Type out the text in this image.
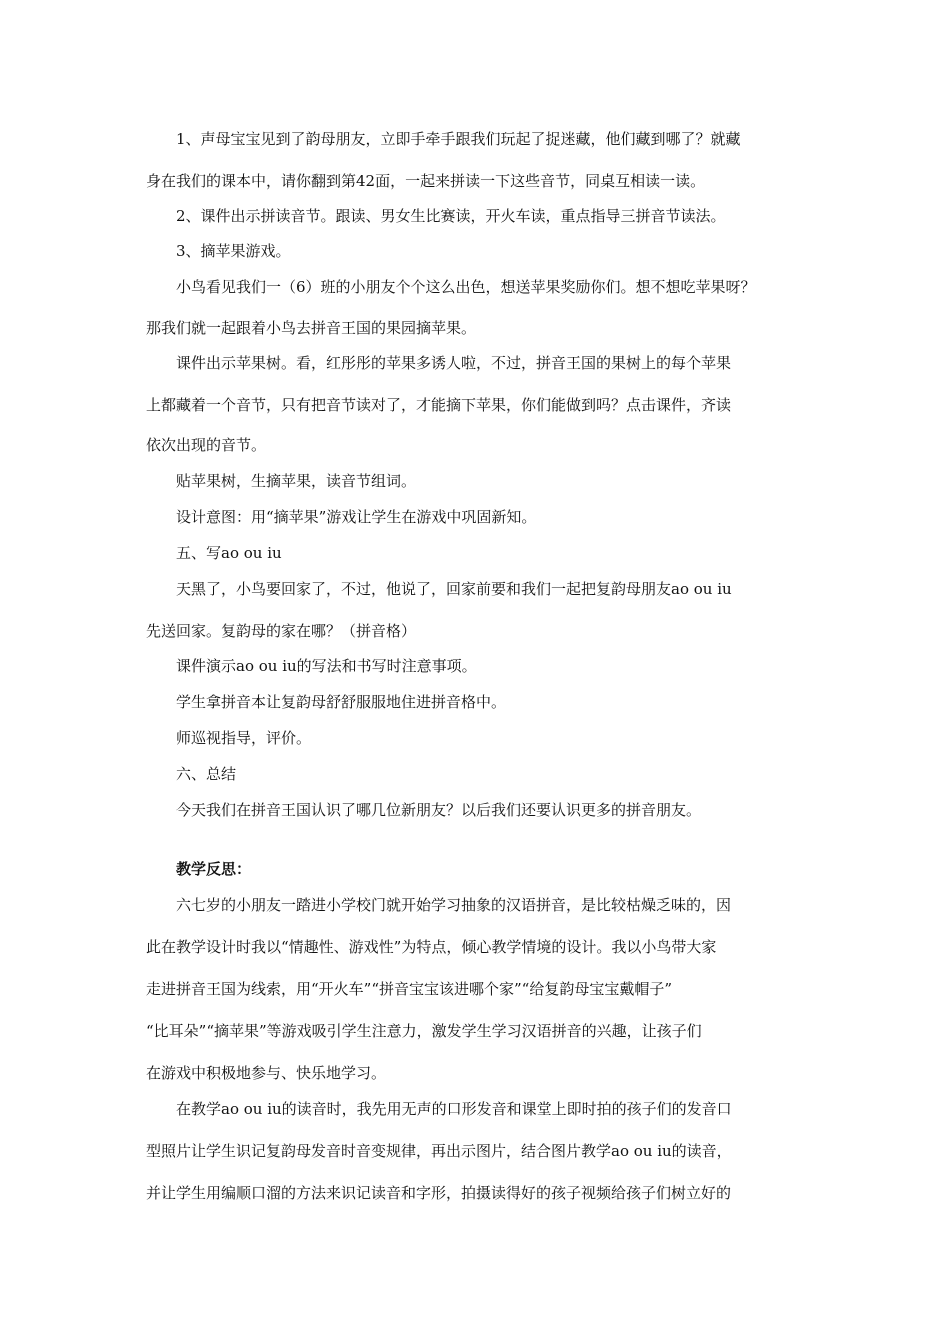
1、声母宝宝见到了韵母朋友，立即手牵手跟我们玩起了捉迷藏，他们藏到哪了？就藏

身在我们的课本中，请你翻到第42面，一起来拼读一下这些音节，同桌互相读一读。

2、课件出示拼读音节。跟读、男女生比赛读，开火车读，重点指导三拼音节读法。

3、摘苹果游戏。

小鸟看见我们一（6）班的小朋友个个这么出色，想送苹果奖励你们。想不想吃苹果呀？

那我们就一起跟着小鸟去拼音王国的果园摘苹果。

课件出示苹果树。看，红彤彤的苹果多诱人啦，不过，拼音王国的果树上的每个苹果

上都藏着一个音节，只有把音节读对了，才能摘下苹果，你们能做到吗？点击课件，齐读

依次出现的音节。

贴苹果树，生摘苹果，读音节组词。

设计意图：用“摘苹果”游戏让学生在游戏中巩固新知。

五、写ao ou iu

天黑了，小鸟要回家了，不过，他说了，回家前要和我们一起把复韵母朋友ao ou iu

先送回家。复韵母的家在哪？（拼音格）

课件演示ao ou iu的写法和书写时注意事项。

学生拿拼音本让复韵母舒舒服服地住进拼音格中。

师巡视指导，评价。

六、总结

今天我们在拼音王国认识了哪几位新朋友？以后我们还要认识更多的拼音朋友。

教学反思：

六七岁的小朋友一踏进小学校门就开始学习抽象的汉语拼音，是比较枯燥乏味的，因

此在教学设计时我以“情趣性、游戏性”为特点，倾心教学情境的设计。我以小鸟带大家

走进拼音王国为线索，用“开火车”“拼音宝宝该进哪个家”“给复韵母宝宝戴帽子”

“比耳朵”“摘苹果”等游戏吸引学生注意力，激发学生学习汉语拼音的兴趣，让孩子们

在游戏中积极地参与、快乐地学习。

在教学ao ou iu的读音时，我先用无声的口形发音和课堂上即时拍的孩子们的发音口

型照片让学生识记复韵母发音时音变规律，再出示图片，结合图片教学ao ou iu的读音，

并让学生用编顺口溜的方法来识记读音和字形，拍摄读得好的孩子视频给孩子们树立好的
